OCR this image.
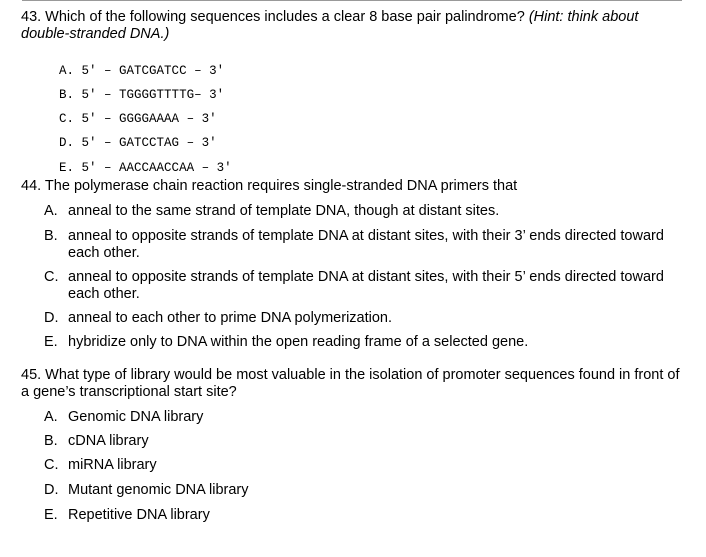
43. Which of the following sequences includes a clear 8 base pair palindrome? (Hint: think about double-stranded DNA.)

A. 5' – GATCGATCC – 3'

B. 5' – TGGGGTTTTG– 3'

C. 5' – GGGGAAAA – 3'

D. 5' – GATCCTAG – 3'

E. 5' – AACCAACCAA – 3'

44. The polymerase chain reaction requires single-stranded DNA primers that
A. anneal to the same strand of template DNA, though at distant sites.
B. anneal to opposite strands of template DNA at distant sites, with their 3’ ends directed toward each other.
C. anneal to opposite strands of template DNA at distant sites, with their 5’ ends directed toward each other.
D. anneal to each other to prime DNA polymerization.
E. hybridize only to DNA within the open reading frame of a selected gene.
45. What type of library would be most valuable in the isolation of promoter sequences found in front of a gene’s transcriptional start site?
A. Genomic DNA library
B. cDNA library
C. miRNA library
D. Mutant genomic DNA library
E. Repetitive DNA library
